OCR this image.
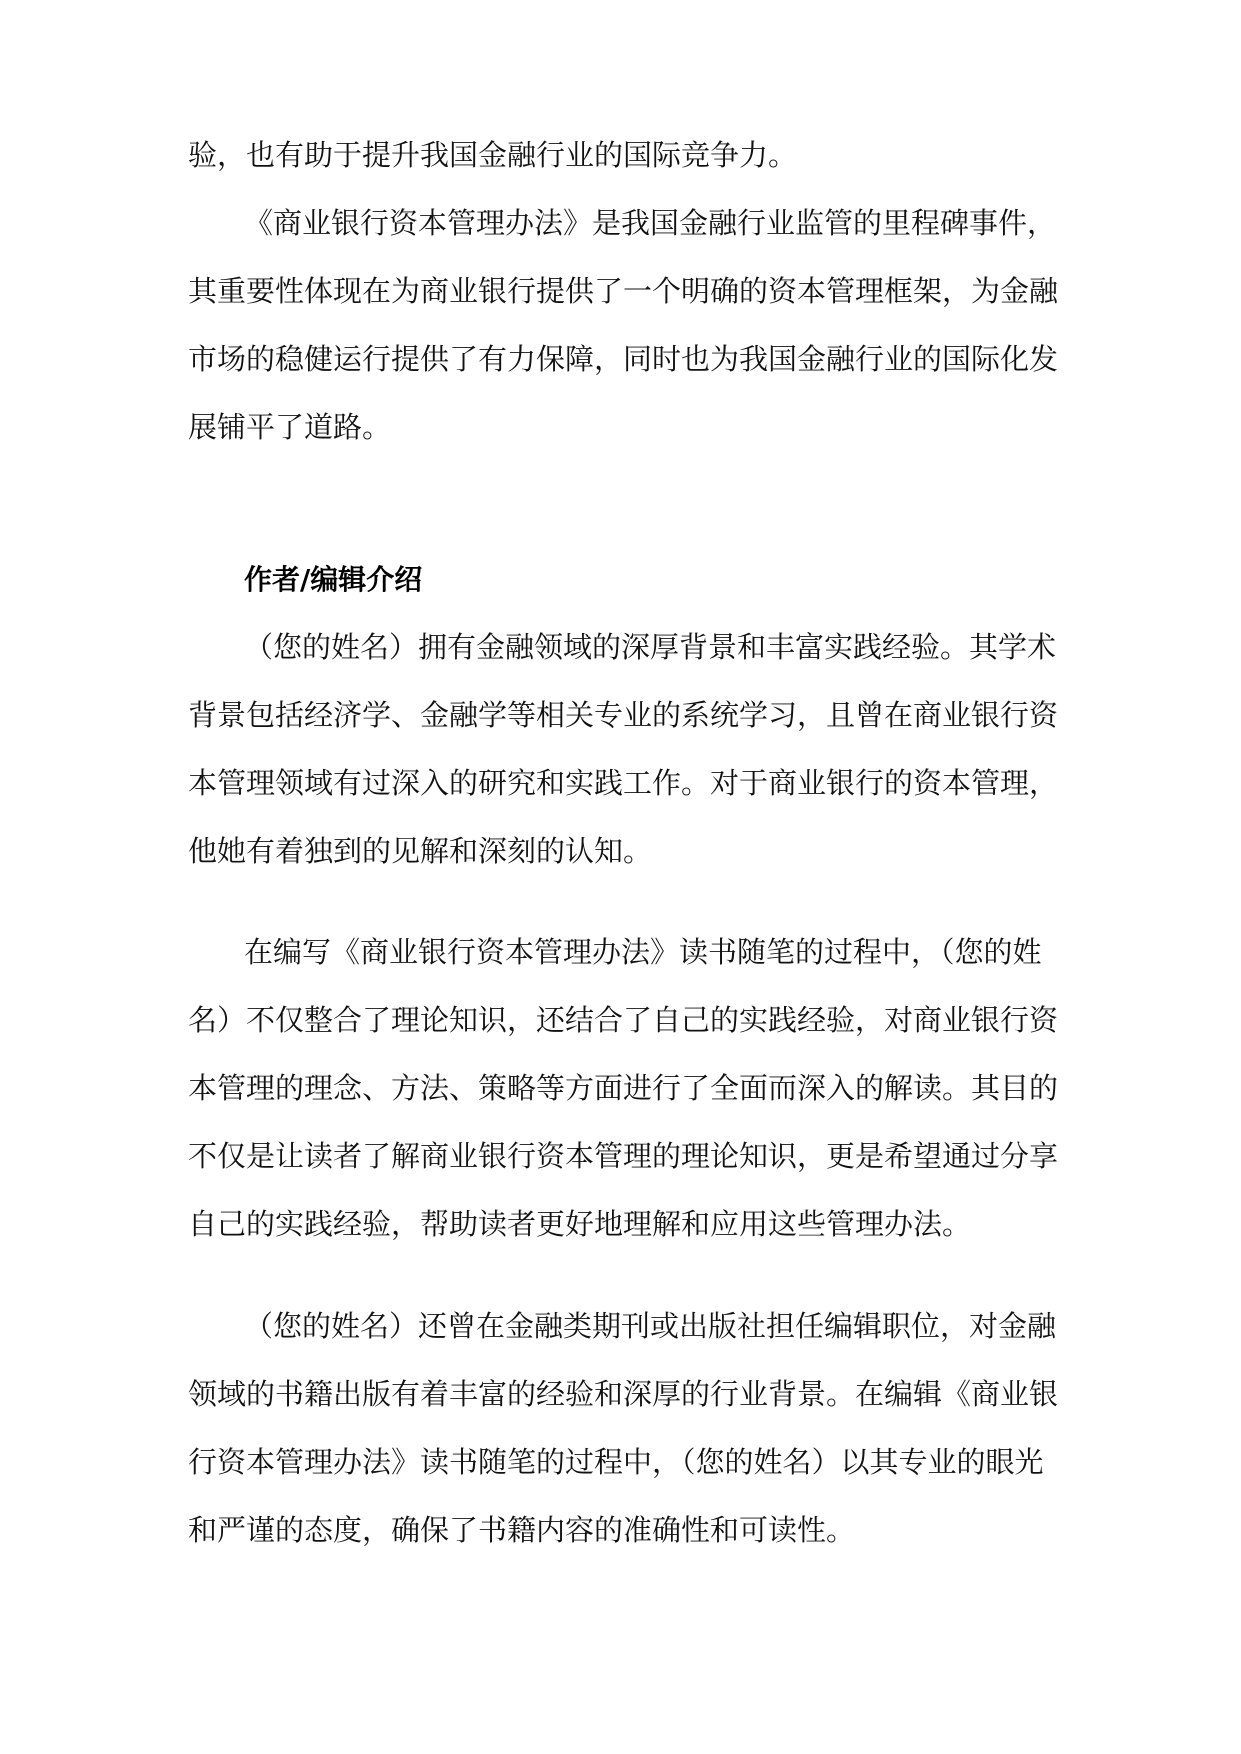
验，也有助于提升我国金融行业的国际竞争力。
《商业银行资本管理办法》是我国金融行业监管的里程碑事件，
其重要性体现在为商业银行提供了一个明确的资本管理框架，为金融
市场的稳健运行提供了有力保障，同时也为我国金融行业的国际化发
展铺平了道路。
作者/编辑介绍
（您的姓名）拥有金融领域的深厚背景和丰富实践经验。其学术
背景包括经济学、金融学等相关专业的系统学习，且曾在商业银行资
本管理领域有过深入的研究和实践工作。对于商业银行的资本管理，
他她有着独到的见解和深刻的认知。
在编写《商业银行资本管理办法》读书随笔的过程中，（您的姓
名）不仅整合了理论知识，还结合了自己的实践经验，对商业银行资
本管理的理念、方法、策略等方面进行了全面而深入的解读。其目的
不仅是让读者了解商业银行资本管理的理论知识，更是希望通过分享
自己的实践经验，帮助读者更好地理解和应用这些管理办法。
（您的姓名）还曾在金融类期刊或出版社担任编辑职位，对金融
领域的书籍出版有着丰富的经验和深厚的行业背景。在编辑《商业银
行资本管理办法》读书随笔的过程中，（您的姓名）以其专业的眼光
和严谨的态度，确保了书籍内容的准确性和可读性。
